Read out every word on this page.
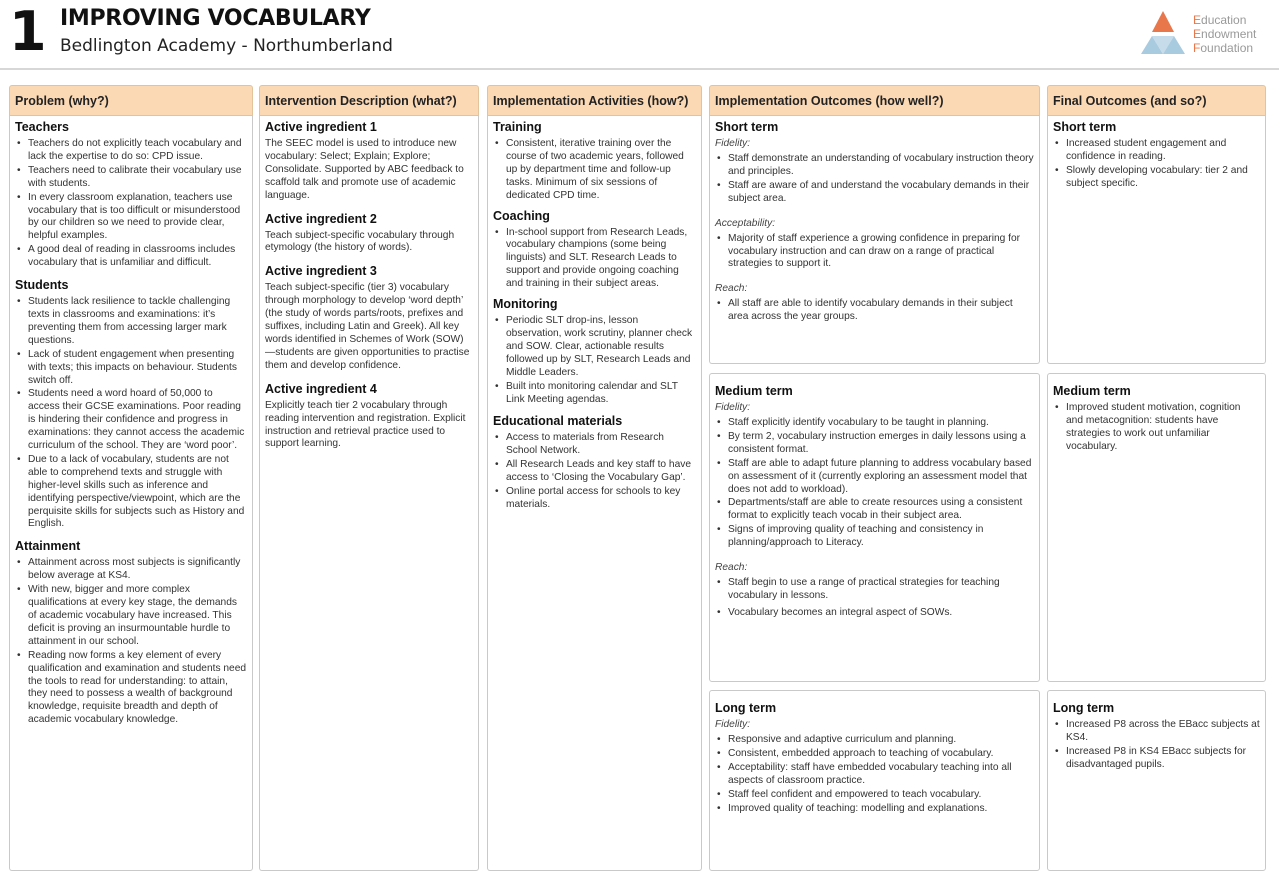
1 IMPROVING VOCABULARY
Bedlington Academy - Northumberland
Education
Endowment
Foundation
Problem (why?)
Teachers
• Teachers do not explicitly teach vocabulary and lack the expertise to do so: CPD issue.
• Teachers need to calibrate their vocabulary use with students.
• In every classroom explanation, teachers use vocabulary that is too difficult or misunderstood by our children so we need to provide clear, helpful examples.
• A good deal of reading in classrooms includes vocabulary that is unfamiliar and difficult.
Students
• Students lack resilience to tackle challenging texts in classrooms and examinations: it’s preventing them from accessing larger mark questions.
• Lack of student engagement when presenting with texts; this impacts on behaviour. Students switch off.
• Students need a word hoard of 50,000 to access their GCSE examinations. Poor reading is hindering their confidence and progress in examinations: they cannot access the academic curriculum of the school. They are ‘word poor’.
• Due to a lack of vocabulary, students are not able to comprehend texts and struggle with higher-level skills such as inference and identifying perspective/viewpoint, which are the perquisite skills for subjects such as History and English.
Attainment
• Attainment across most subjects is significantly below average at KS4.
• With new, bigger and more complex qualifications at every key stage, the demands of academic vocabulary have increased. This deficit is proving an insurmountable hurdle to attainment in our school.
• Reading now forms a key element of every qualification and examination and students need the tools to read for understanding: to attain, they need to possess a wealth of background knowledge, requisite breadth and depth of academic vocabulary knowledge.
Intervention Description (what?)
Active ingredient 1

The SEEC model is used to introduce new vocabulary: Select; Explain; Explore; Consolidate. Supported by ABC feedback to scaffold talk and promote use of academic language.

Active ingredient 2

Teach subject-specific vocabulary through etymology (the history of words).

Active ingredient 3

Teach subject-specific (tier 3) vocabulary through morphology to develop ‘word depth’ (the study of words parts/roots, prefixes and suffixes, including Latin and Greek). All key words identified in Schemes of Work (SOW)—students are given opportunities to practise them and develop confidence.

Active ingredient 4

Explicitly teach tier 2 vocabulary through reading intervention and registration. Explicit instruction and retrieval practice used to support learning.

Implementation Activities (how?)
Training
• Consistent, iterative training over the course of two academic years, followed up by department time and follow-up tasks. Minimum of six sessions of dedicated CPD time.
Coaching
• In-school support from Research Leads, vocabulary champions (some being linguists) and SLT. Research Leads to support and provide ongoing coaching and training in their subject areas.
Monitoring
• Periodic SLT drop-ins, lesson observation, work scrutiny, planner check and SOW. Clear, actionable results followed up by SLT, Research Leads and Middle Leaders.
• Built into monitoring calendar and SLT Link Meeting agendas.
Educational materials
• Access to materials from Research School Network.
• All Research Leads and key staff to have access to ‘Closing the Vocabulary Gap’.
• Online portal access for schools to key materials.
Implementation Outcomes (how well?)
Short term
Fidelity:
• Staff demonstrate an understanding of vocabulary instruction theory and principles.
• Staff are aware of and understand the vocabulary demands in their subject area.
Acceptability:
• Majority of staff experience a growing confidence in preparing for vocabulary instruction and can draw on a range of practical strategies to support it.
Reach:
• All staff are able to identify vocabulary demands in their subject area across the year groups.
Medium term
Fidelity:
• Staff explicitly identify vocabulary to be taught in planning.
• By term 2, vocabulary instruction emerges in daily lessons using a consistent format.
• Staff are able to adapt future planning to address vocabulary based on assessment of it (currently exploring an assessment model that does not add to workload).
• Departments/staff are able to create resources using a consistent format to explicitly teach vocab in their subject area.
• Signs of improving quality of teaching and consistency in planning/approach to Literacy.
Reach:
• Staff begin to use a range of practical strategies for teaching vocabulary in lessons.
• Vocabulary becomes an integral aspect of SOWs.
Long term
Fidelity:
• Responsive and adaptive curriculum and planning.
• Consistent, embedded approach to teaching of vocabulary.
• Acceptability: staff have embedded vocabulary teaching into all aspects of classroom practice.
• Staff feel confident and empowered to teach vocabulary.
• Improved quality of teaching: modelling and explanations.
Final Outcomes (and so?)
Short term
• Increased student engagement and confidence in reading.
• Slowly developing vocabulary: tier 2 and subject specific.
Medium term
• Improved student motivation, cognition and metacognition: students have strategies to work out unfamiliar vocabulary.
Long term
• Increased P8 across the EBacc subjects at KS4.
• Increased P8 in KS4 EBacc subjects for disadvantaged pupils.
